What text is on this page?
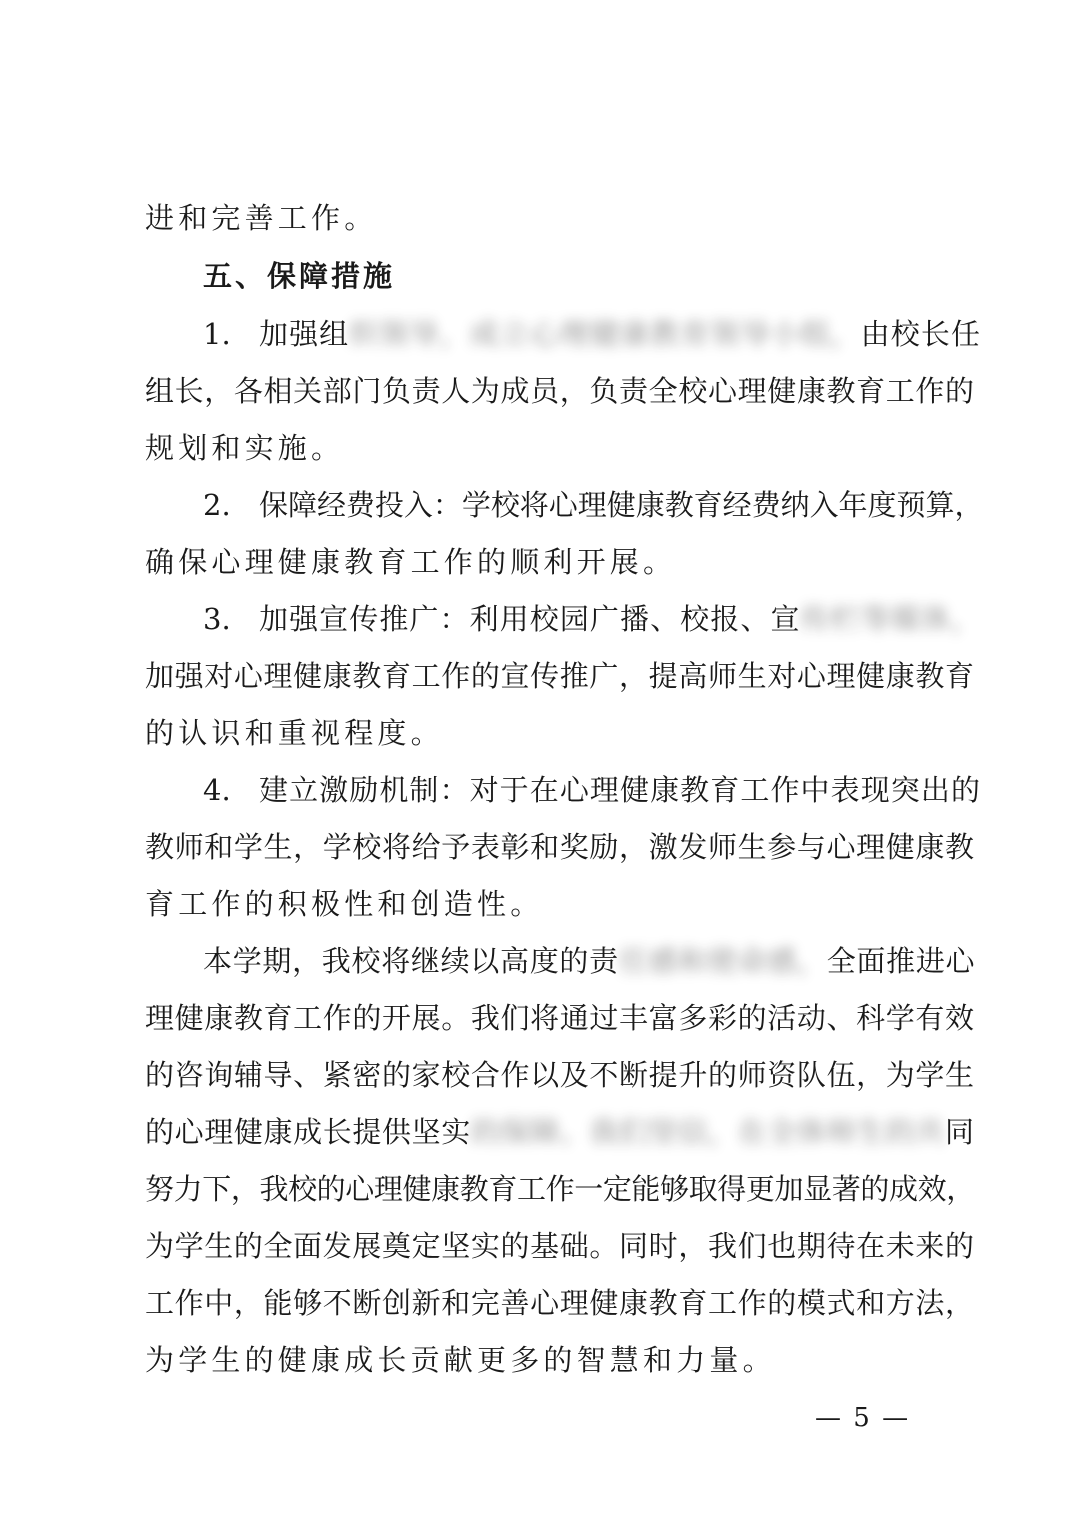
进和完善工作。
五、保障措施
1. 加强组织领导，成立心理健康教育领导小组，由校长任
组长，各相关部门负责人为成员，负责全校心理健康教育工作的
规划和实施。
2. 保障经费投入：学校将心理健康教育经费纳入年度预算，
确保心理健康教育工作的顺利开展。
3. 加强宣传推广：利用校园广播、校报、宣传栏等媒体，
加强对心理健康教育工作的宣传推广，提高师生对心理健康教育
的认识和重视程度。
4. 建立激励机制：对于在心理健康教育工作中表现突出的
教师和学生，学校将给予表彰和奖励，激发师生参与心理健康教
育工作的积极性和创造性。
本学期，我校将继续以高度的责任感和使命感，全面推进心
理健康教育工作的开展。我们将通过丰富多彩的活动、科学有效
的咨询辅导、紧密的家校合作以及不断提升的师资队伍，为学生
的心理健康成长提供坚实的保障。我们坚信，在全体师生的共同
努力下，我校的心理健康教育工作一定能够取得更加显著的成效，
为学生的全面发展奠定坚实的基础。同时，我们也期待在未来的
工作中，能够不断创新和完善心理健康教育工作的模式和方法，
为学生的健康成长贡献更多的智慧和力量。
— 5 —
